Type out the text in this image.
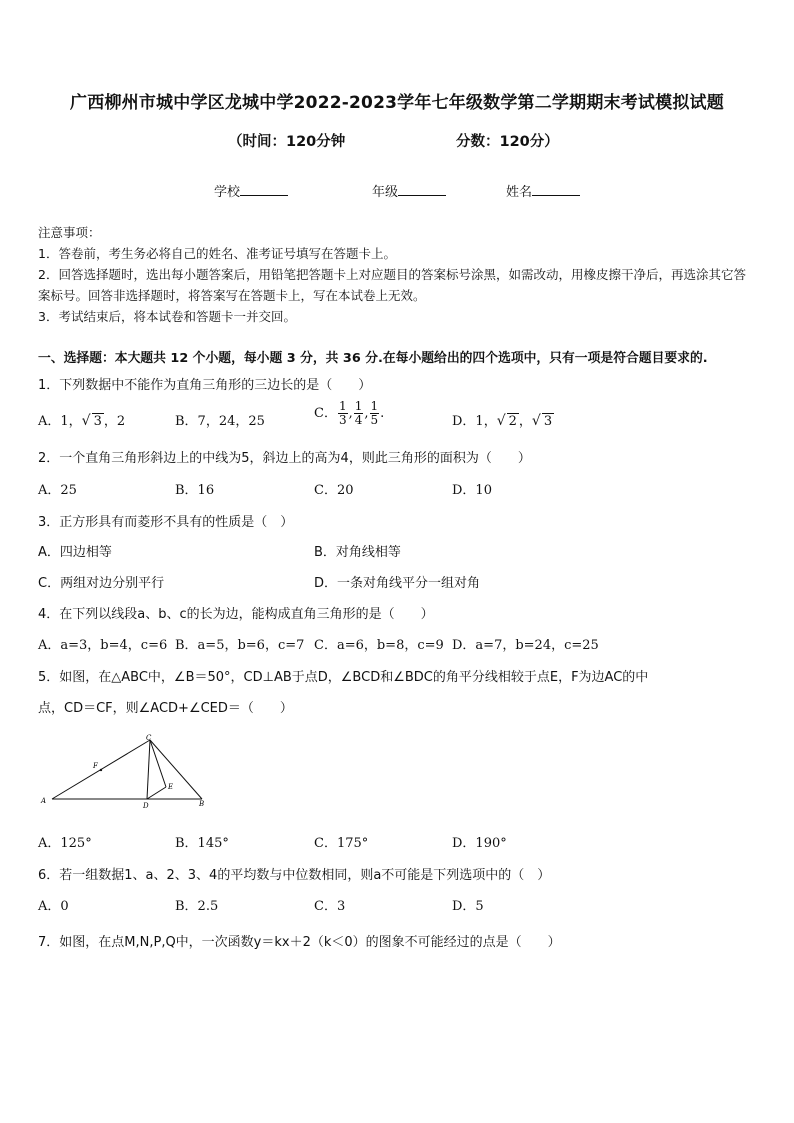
广西柳州市城中学区龙城中学2022-2023学年七年级数学第二学期期末考试模拟试题
（时间：120分钟	分数：120分）
学校	年级	姓名

注意事项：

1．答卷前，考生务必将自己的姓名、准考证号填写在答题卡上。

2．回答选择题时，选出每小题答案后，用铅笔把答题卡上对应题目的答案标号涂黑，如需改动，用橡皮擦干净后，再选涂其它答案标号。回答非选择题时，将答案写在答题卡上，写在本试卷上无效。

3．考试结束后，将本试卷和答题卡一并交回。

一、选择题：本大题共 12 个小题，每小题 3 分，共 36 分.在每小题给出的四个选项中，只有一项是符合题目要求的.
1．下列数据中不能作为直角三角形的三边长的是（　　）
A．1，√ 3 ，2	B．7，24，25
C． $\frac{1}{3}$ , $\frac{1}{4}$ , $\frac{1}{5}$ .
D．1，√ 2 ，√ 3
2．一个直角三角形斜边上的中线为5，斜边上的高为4，则此三角形的面积为（　　）
A．25	B．16	C．20	D．10
3．正方形具有而菱形不具有的性质是（　）
A．四边相等	B．对角线相等
C．两组对边分别平行	D．一条对角线平分一组对角
4．在下列以线段a、b、c的长为边，能构成直角三角形的是（　　）
A．a=3，b=4，c=6 B．a=5，b=6，c=7 C．a=6，b=8，c=9 D．a=7，b=24，c=25
5．如图，在△ABC中，∠B＝50°，CD⊥AB于点D，∠BCD和∠BDC的角平分线相较于点E，F为边AC的中
点，CD＝CF，则∠ACD+∠CED＝（　　）
A	B
C
D
E
F
A．125°	B．145°	C．175°	D．190°
6．若一组数据1、a、2、3、4的平均数与中位数相同，则a不可能是下列选项中的（　）
A．0	B．2.5	C．3	D．5
7．如图，在点M,N,P,Q中，一次函数y＝kx＋2（k＜0）的图象不可能经过的点是（　　）
